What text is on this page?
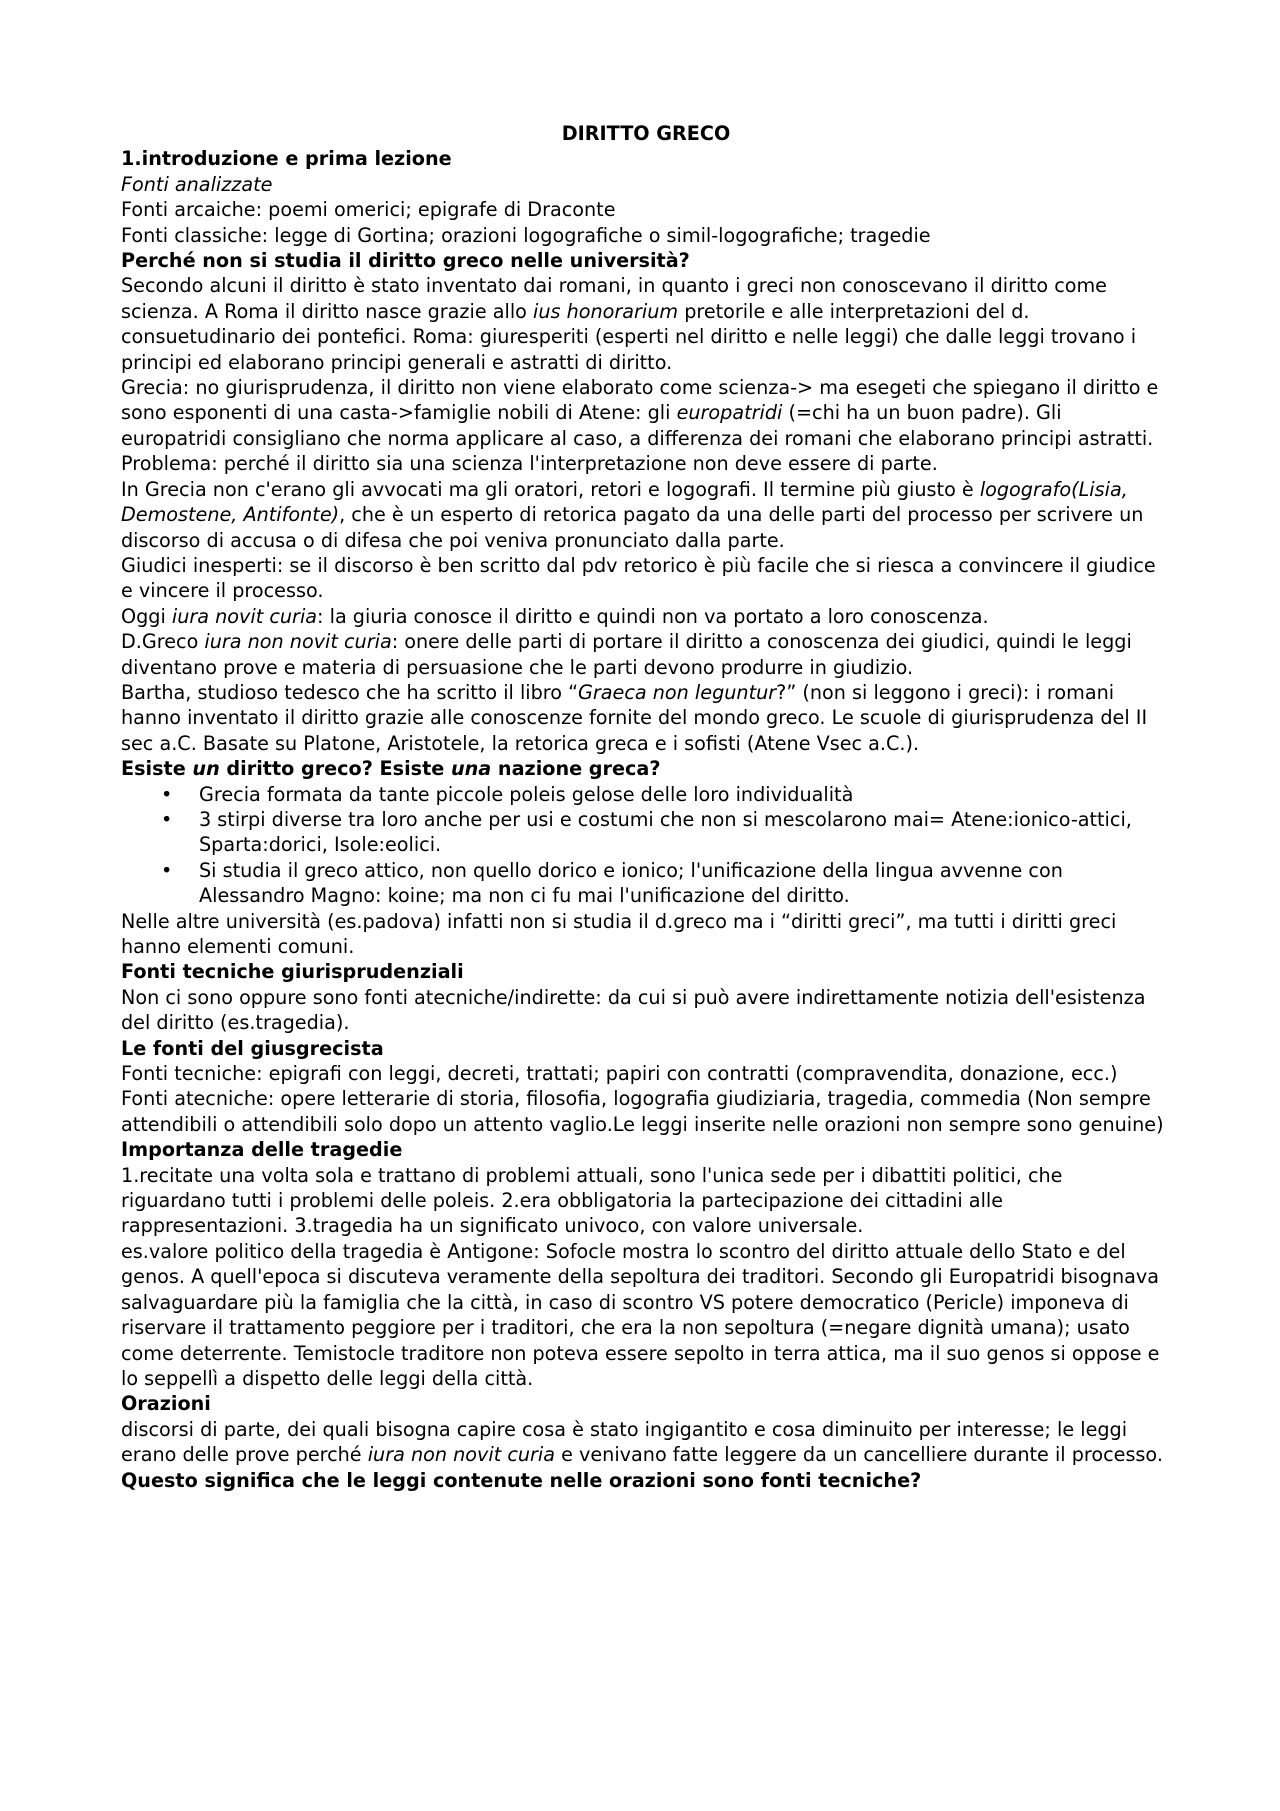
DIRITTO GRECO
1.introduzione e prima lezione

Fonti analizzate

Fonti arcaiche: poemi omerici; epigrafe di Draconte

Fonti classiche: legge di Gortina; orazioni logografiche o simil-logografiche; tragedie

Perché non si studia il diritto greco nelle università?

Secondo alcuni il diritto è stato inventato dai romani, in quanto i greci non conoscevano il diritto come scienza. A Roma il diritto nasce grazie allo ius honorarium pretorile e alle interpretazioni del d. consuetudinario dei pontefici. Roma: giuresperiti (esperti nel diritto e nelle leggi) che dalle leggi trovano i principi ed elaborano principi generali e astratti di diritto.

Grecia: no giurisprudenza, il diritto non viene elaborato come scienza-> ma esegeti che spiegano il diritto e sono esponenti di una casta->famiglie nobili di Atene: gli europatridi (=chi ha un buon padre). Gli europatridi consigliano che norma applicare al caso, a differenza dei romani che elaborano principi astratti. Problema: perché il diritto sia una scienza l'interpretazione non deve essere di parte.

In Grecia non c'erano gli avvocati ma gli oratori, retori e logografi. Il termine più giusto è logografo(Lisia, Demostene, Antifonte), che è un esperto di retorica pagato da una delle parti del processo per scrivere un discorso di accusa o di difesa che poi veniva pronunciato dalla parte.

Giudici inesperti: se il discorso è ben scritto dal pdv retorico è più facile che si riesca a convincere il giudice e vincere il processo.

Oggi iura novit curia: la giuria conosce il diritto e quindi non va portato a loro conoscenza.

D.Greco iura non novit curia: onere delle parti di portare il diritto a conoscenza dei giudici, quindi le leggi diventano prove e materia di persuasione che le parti devono produrre in giudizio.

Bartha, studioso tedesco che ha scritto il libro “Graeca non leguntur?” (non si leggono i greci): i romani hanno inventato il diritto grazie alle conoscenze fornite del mondo greco. Le scuole di giurisprudenza del II sec a.C. Basate su Platone, Aristotele, la retorica greca e i sofisti (Atene Vsec a.C.).

Esiste un diritto greco? Esiste una nazione greca?
• Grecia formata da tante piccole poleis gelose delle loro individualità
• 3 stirpi diverse tra loro anche per usi e costumi che non si mescolarono mai= Atene:ionico-attici, Sparta:dorici, Isole:eolici.
• Si studia il greco attico, non quello dorico e ionico; l'unificazione della lingua avvenne con Alessandro Magno: koine; ma non ci fu mai l'unificazione del diritto.

Nelle altre università (es.padova) infatti non si studia il d.greco ma i “diritti greci”, ma tutti i diritti greci hanno elementi comuni.

Fonti tecniche giurisprudenziali

Non ci sono oppure sono fonti atecniche/indirette: da cui si può avere indirettamente notizia dell'esistenza del diritto (es.tragedia).

Le fonti del giusgrecista

Fonti tecniche: epigrafi con leggi, decreti, trattati; papiri con contratti (compravendita, donazione, ecc.)

Fonti atecniche: opere letterarie di storia, filosofia, logografia giudiziaria, tragedia, commedia (Non sempre attendibili o attendibili solo dopo un attento vaglio.Le leggi inserite nelle orazioni non sempre sono genuine)

Importanza delle tragedie

1.recitate una volta sola e trattano di problemi attuali, sono l'unica sede per i dibattiti politici, che riguardano tutti i problemi delle poleis. 2.era obbligatoria la partecipazione dei cittadini alle rappresentazioni. 3.tragedia ha un significato univoco, con valore universale.

es.valore politico della tragedia è Antigone: Sofocle mostra lo scontro del diritto attuale dello Stato e del genos. A quell'epoca si discuteva veramente della sepoltura dei traditori. Secondo gli Europatridi bisognava salvaguardare più la famiglia che la città, in caso di scontro VS potere democratico (Pericle) imponeva di riservare il trattamento peggiore per i traditori, che era la non sepoltura (=negare dignità umana); usato come deterrente. Temistocle traditore non poteva essere sepolto in terra attica, ma il suo genos si oppose e lo seppellì a dispetto delle leggi della città.

Orazioni

discorsi di parte, dei quali bisogna capire cosa è stato ingigantito e cosa diminuito per interesse; le leggi erano delle prove perché iura non novit curia e venivano fatte leggere da un cancelliere durante il processo.

Questo significa che le leggi contenute nelle orazioni sono fonti tecniche?
